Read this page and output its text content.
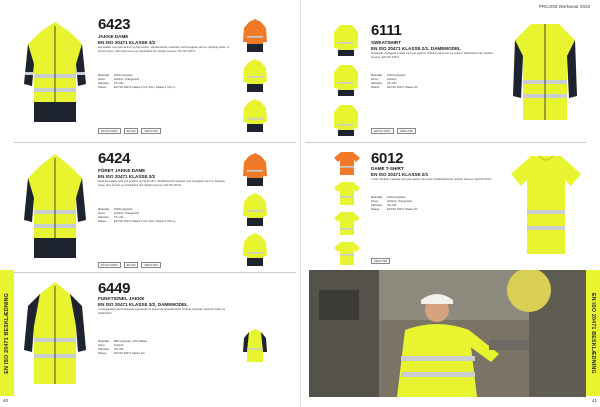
6423
JAKKE DAME
EN ISO 20471 KLASSE 3/2
Damejakke med god pasform og høj komfort. Vandafvisende materiale med forseglede sømme. Aftagelig hætte, to lommer foran, indvendig lomme og refleksbånd der opfylder kravene i EN ISO 20471.
Materiale:	100% polyester
Farve:	Gul/sort, Orange/sort
Størrelse:	XS–3XL
Klasse:	EN ISO 20471 Klasse 3 (XL–3XL), Klasse 2 (XS–L)
EN ISO 20471	EN 343	OEKO-TEX
6424
FÔRET JAKKE DAME
EN ISO 20471 KLASSE 3/2
Fôret damejakke med god pasform og høj komfort. Vandafvisende materiale med forseglede sømme. Aftagelig hætte, flere lommer og refleksbånd der opfylder kravene i EN ISO 20471.
Materiale:	100% polyester
Farve:	Gul/sort, Orange/sort
Størrelse:	XS–3XL
Klasse:	EN ISO 20471 Klasse 3 (XL–3XL), Klasse 2 (XS–L)
EN ISO 20471	EN 343	OEKO-TEX
6449
FUNKTIONEL JAKKE
EN ISO 20471 KLASSE 3/2, DAMEMODEL
Letvægtsjakke med funktionelle egenskaber til krævende arbejdsforhold. Åndbart materiale, justerbar hætte og refleksbånd.
Materiale:	88% polyester, 12% elastan
Farve:	Gul/sort
Størrelse:	XS–3XL
Klasse:	EN ISO 20471 Klasse 3/2
EN ISO 20471 BESKLÆDNING
40
PROJOB Workwear 2025
6111
SWEATSHIRT
EN ISO 20471 KLASSE 2/1, DAMEMODEL
Sweatshirt i behagelig kvalitet med god pasform. Ribkant ved ærmer og nederst. Refleksbånd der opfylder kravene i EN ISO 20471.
Materiale:	100% polyester
Farve:	Gul/sort
Størrelse:	XS–3XL
Klasse:	EN ISO 20471 Klasse 2/1
EN ISO 20471	OEKO-TEX
6012
DAME T-SHIRT
EN ISO 20471 KLASSE 2/1
T-shirt i åndbart materiale med god pasform til kvinder. Refleksbånd der opfylder kravene i EN ISO 20471.
Materiale:	100% polyester
Farve:	Gul/sort, Orange/sort
Størrelse:	XS–3XL
Klasse:	EN ISO 20471 Klasse 2/1
OEKO-TEX
EN ISO 20471 BESKLÆDNING
41
